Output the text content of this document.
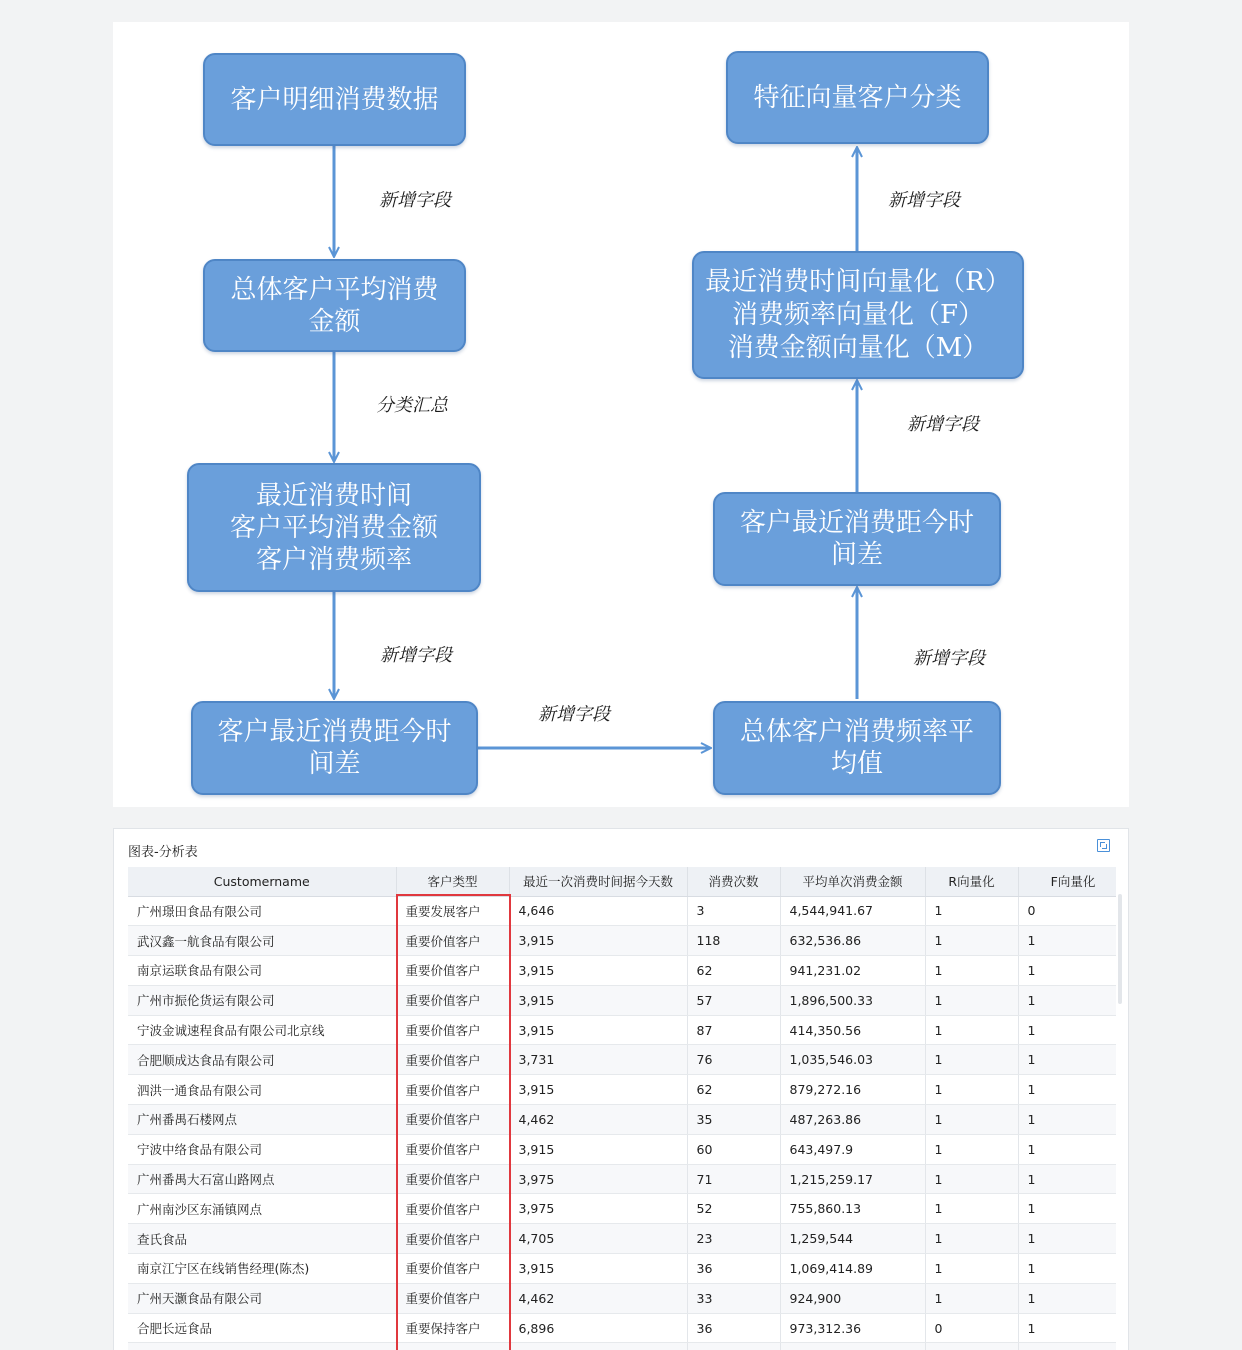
客户明细消费数据
总体客户平均消费
金额
最近消费时间
客户平均消费金额
客户消费频率
客户最近消费距今时
间差
总体客户消费频率平
均值
客户最近消费距今时
间差
最近消费时间向量化（R）
消费频率向量化（F）
消费金额向量化（M）
特征向量客户分类
新增字段
分类汇总
新增字段
新增字段
新增字段
新增字段
新增字段
图表-分析表
Customername	客户类型	最近一次消费时间据今天数	消费次数	平均单次消费金额	R向量化	F向量化
广州璟田食品有限公司	重要发展客户	4,646	3	4,544,941.67	1	0
武汉鑫一航食品有限公司	重要价值客户	3,915	118	632,536.86	1	1
南京运联食品有限公司	重要价值客户	3,915	62	941,231.02	1	1
广州市振伦货运有限公司	重要价值客户	3,915	57	1,896,500.33	1	1
宁波金诚速程食品有限公司北京线	重要价值客户	3,915	87	414,350.56	1	1
合肥顺成达食品有限公司	重要价值客户	3,731	76	1,035,546.03	1	1
泗洪一通食品有限公司	重要价值客户	3,915	62	879,272.16	1	1
广州番禺石楼网点	重要价值客户	4,462	35	487,263.86	1	1
宁波中络食品有限公司	重要价值客户	3,915	60	643,497.9	1	1
广州番禺大石富山路网点	重要价值客户	3,975	71	1,215,259.17	1	1
广州南沙区东涌镇网点	重要价值客户	3,975	52	755,860.13	1	1
查氏食品	重要价值客户	4,705	23	1,259,544	1	1
南京江宁区在线销售经理(陈杰)	重要价值客户	3,915	36	1,069,414.89	1	1
广州天灏食品有限公司	重要价值客户	4,462	33	924,900	1	1
合肥长远食品	重要保持客户	6,896	36	973,312.36	0	1
